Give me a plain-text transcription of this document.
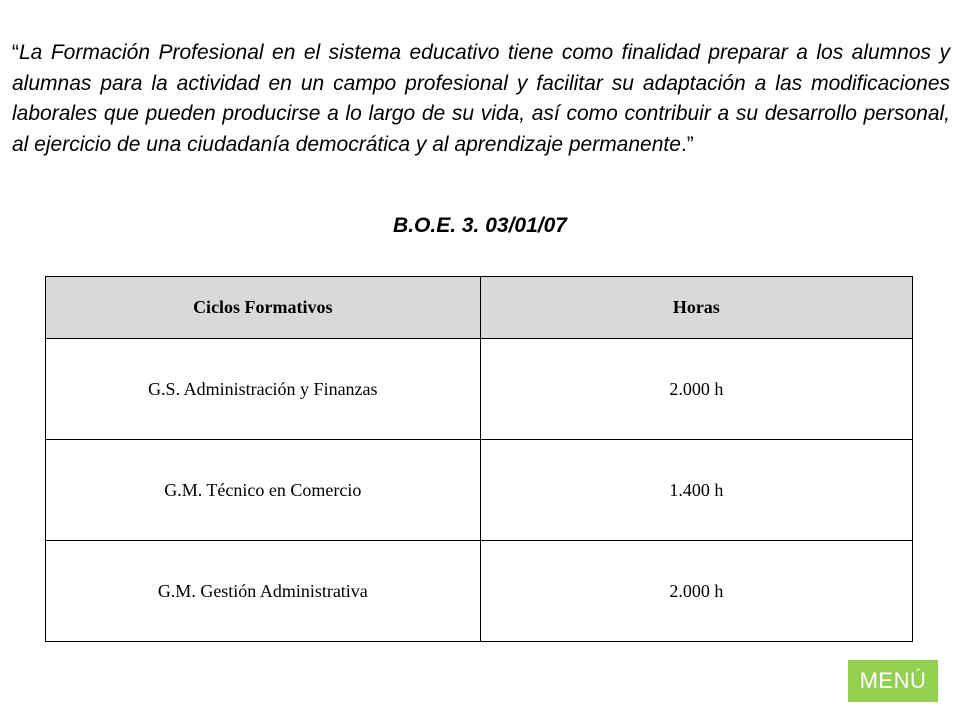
“La Formación Profesional en el sistema educativo tiene como finalidad preparar a los alumnos y alumnas para la actividad en un campo profesional y facilitar su adaptación a las modificaciones laborales que pueden producirse a lo largo de su vida, así como contribuir a su desarrollo personal, al ejercicio de una ciudadanía democrática y al aprendizaje permanente.”

B.O.E. 3. 03/01/07

Ciclos Formativos	Horas
G.S. Administración y Finanzas	2.000 h
G.M. Técnico en Comercio	1.400 h
G.M. Gestión Administrativa	2.000 h
MENÚ
